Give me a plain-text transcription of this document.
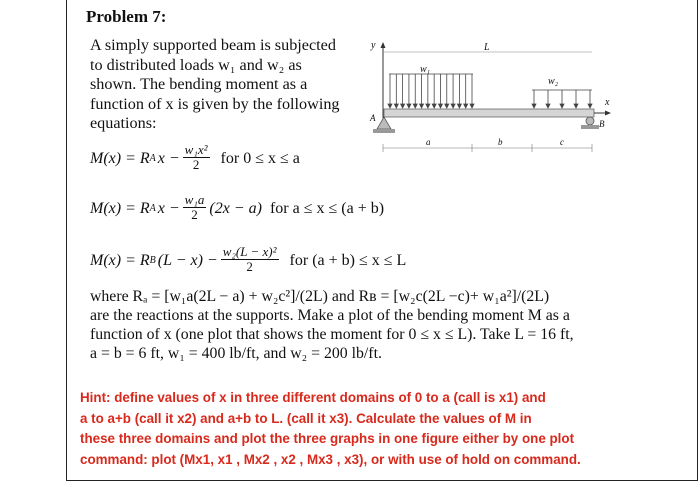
Problem 7:
A simply supported beam is subjected
to distributed loads w₁ and w₂ as
shown. The bending moment as a
function of x is given by the following
equations:
y	L
w₁
w₂
x
A
B
a	b	c
M(x) = R A $x - \frac{\text{w₁x²}}{2}$ for 0 ≤ x ≤ a
M(x) = R A $x - \frac{\text{w₁a}}{2} (2x - a)$ for a ≤ x ≤ (a + b)
M(x) = R B $(L - x) - \frac{\text{w₂(L − x)²}}{2}$ for (a + b) ≤ x ≤ L
where Rₐ = [w₁a(2L − a) + w₂c²]/(2L) and Rʙ = [w₂c(2L −c)+ w₁a²]/(2L)
are the reactions at the supports. Make a plot of the bending moment M as a
function of x (one plot that shows the moment for 0 ≤ x ≤ L). Take L = 16 ft,
a = b = 6 ft, w₁ = 400 lb/ft, and w₂ = 200 lb/ft.
Hint: define values of x in three different domains of 0 to a (call is x1) and
a to a+b (call it x2) and a+b to L. (call it x3). Calculate the values of M in
these three domains and plot the three graphs in one figure either by one plot
command: plot (Mx1, x1 , Mx2 , x2 , Mx3 , x3), or with use of hold on command.
